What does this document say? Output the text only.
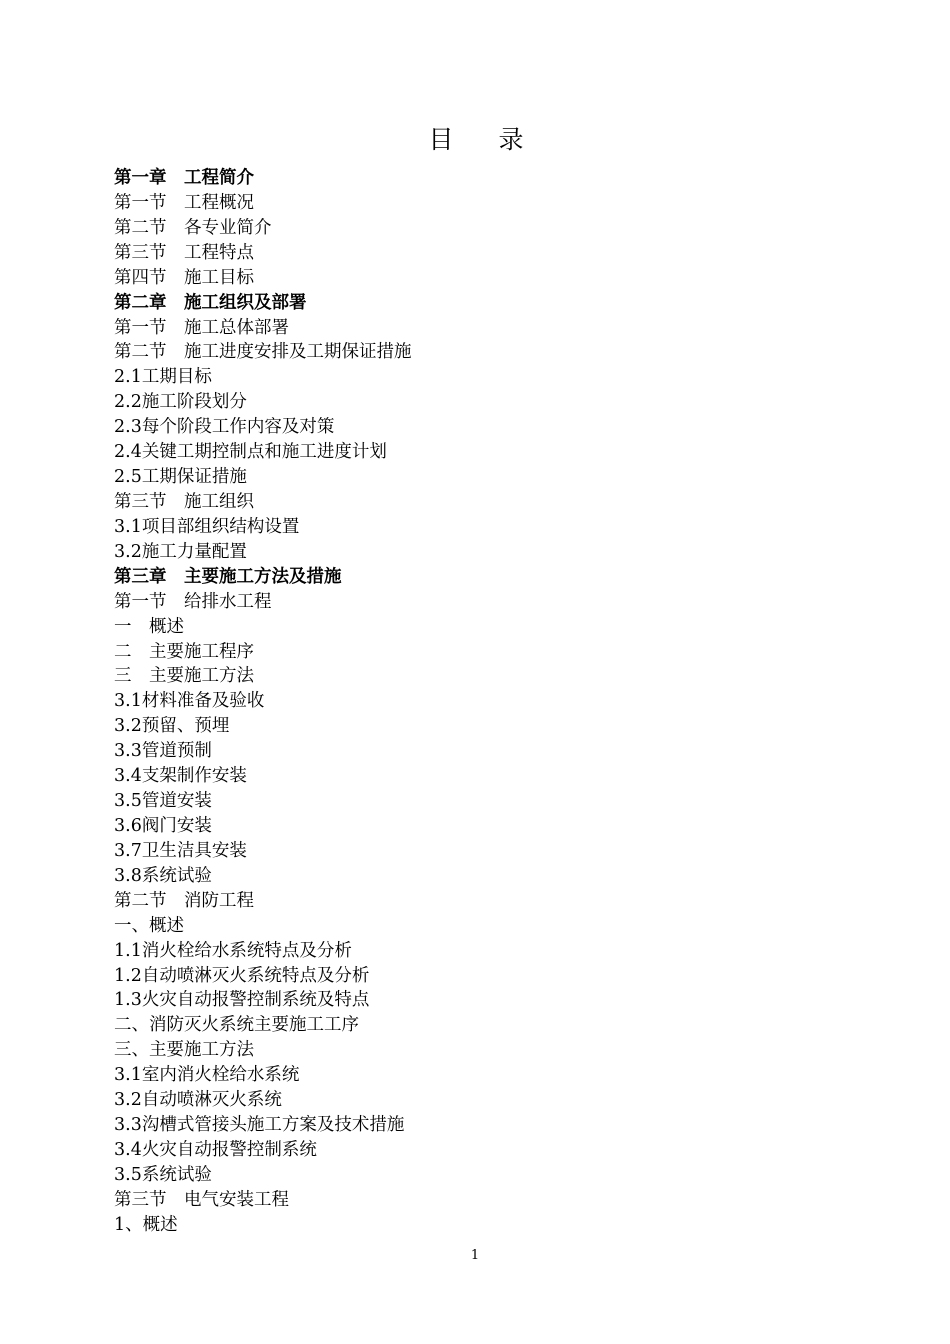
目录
第一章　工程简介
第一节　工程概况
第二节　各专业简介
第三节　工程特点
第四节　施工目标
第二章　施工组织及部署
第一节　施工总体部署
第二节　施工进度安排及工期保证措施
2.1工期目标
2.2施工阶段划分
2.3每个阶段工作内容及对策
2.4关键工期控制点和施工进度计划
2.5工期保证措施
第三节　施工组织
3.1项目部组织结构设置
3.2施工力量配置
第三章　主要施工方法及措施
第一节　给排水工程
一　概述
二　主要施工程序
三　主要施工方法
3.1材料准备及验收
3.2预留、预埋
3.3管道预制
3.4支架制作安装
3.5管道安装
3.6阀门安装
3.7卫生洁具安装
3.8系统试验
第二节　消防工程
一、概述
1.1消火栓给水系统特点及分析
1.2自动喷淋灭火系统特点及分析
1.3火灾自动报警控制系统及特点
二、消防灭火系统主要施工工序
三、主要施工方法
3.1室内消火栓给水系统
3.2自动喷淋灭火系统
3.3沟槽式管接头施工方案及技术措施
3.4火灾自动报警控制系统
3.5系统试验
第三节　电气安装工程
1、概述
1
